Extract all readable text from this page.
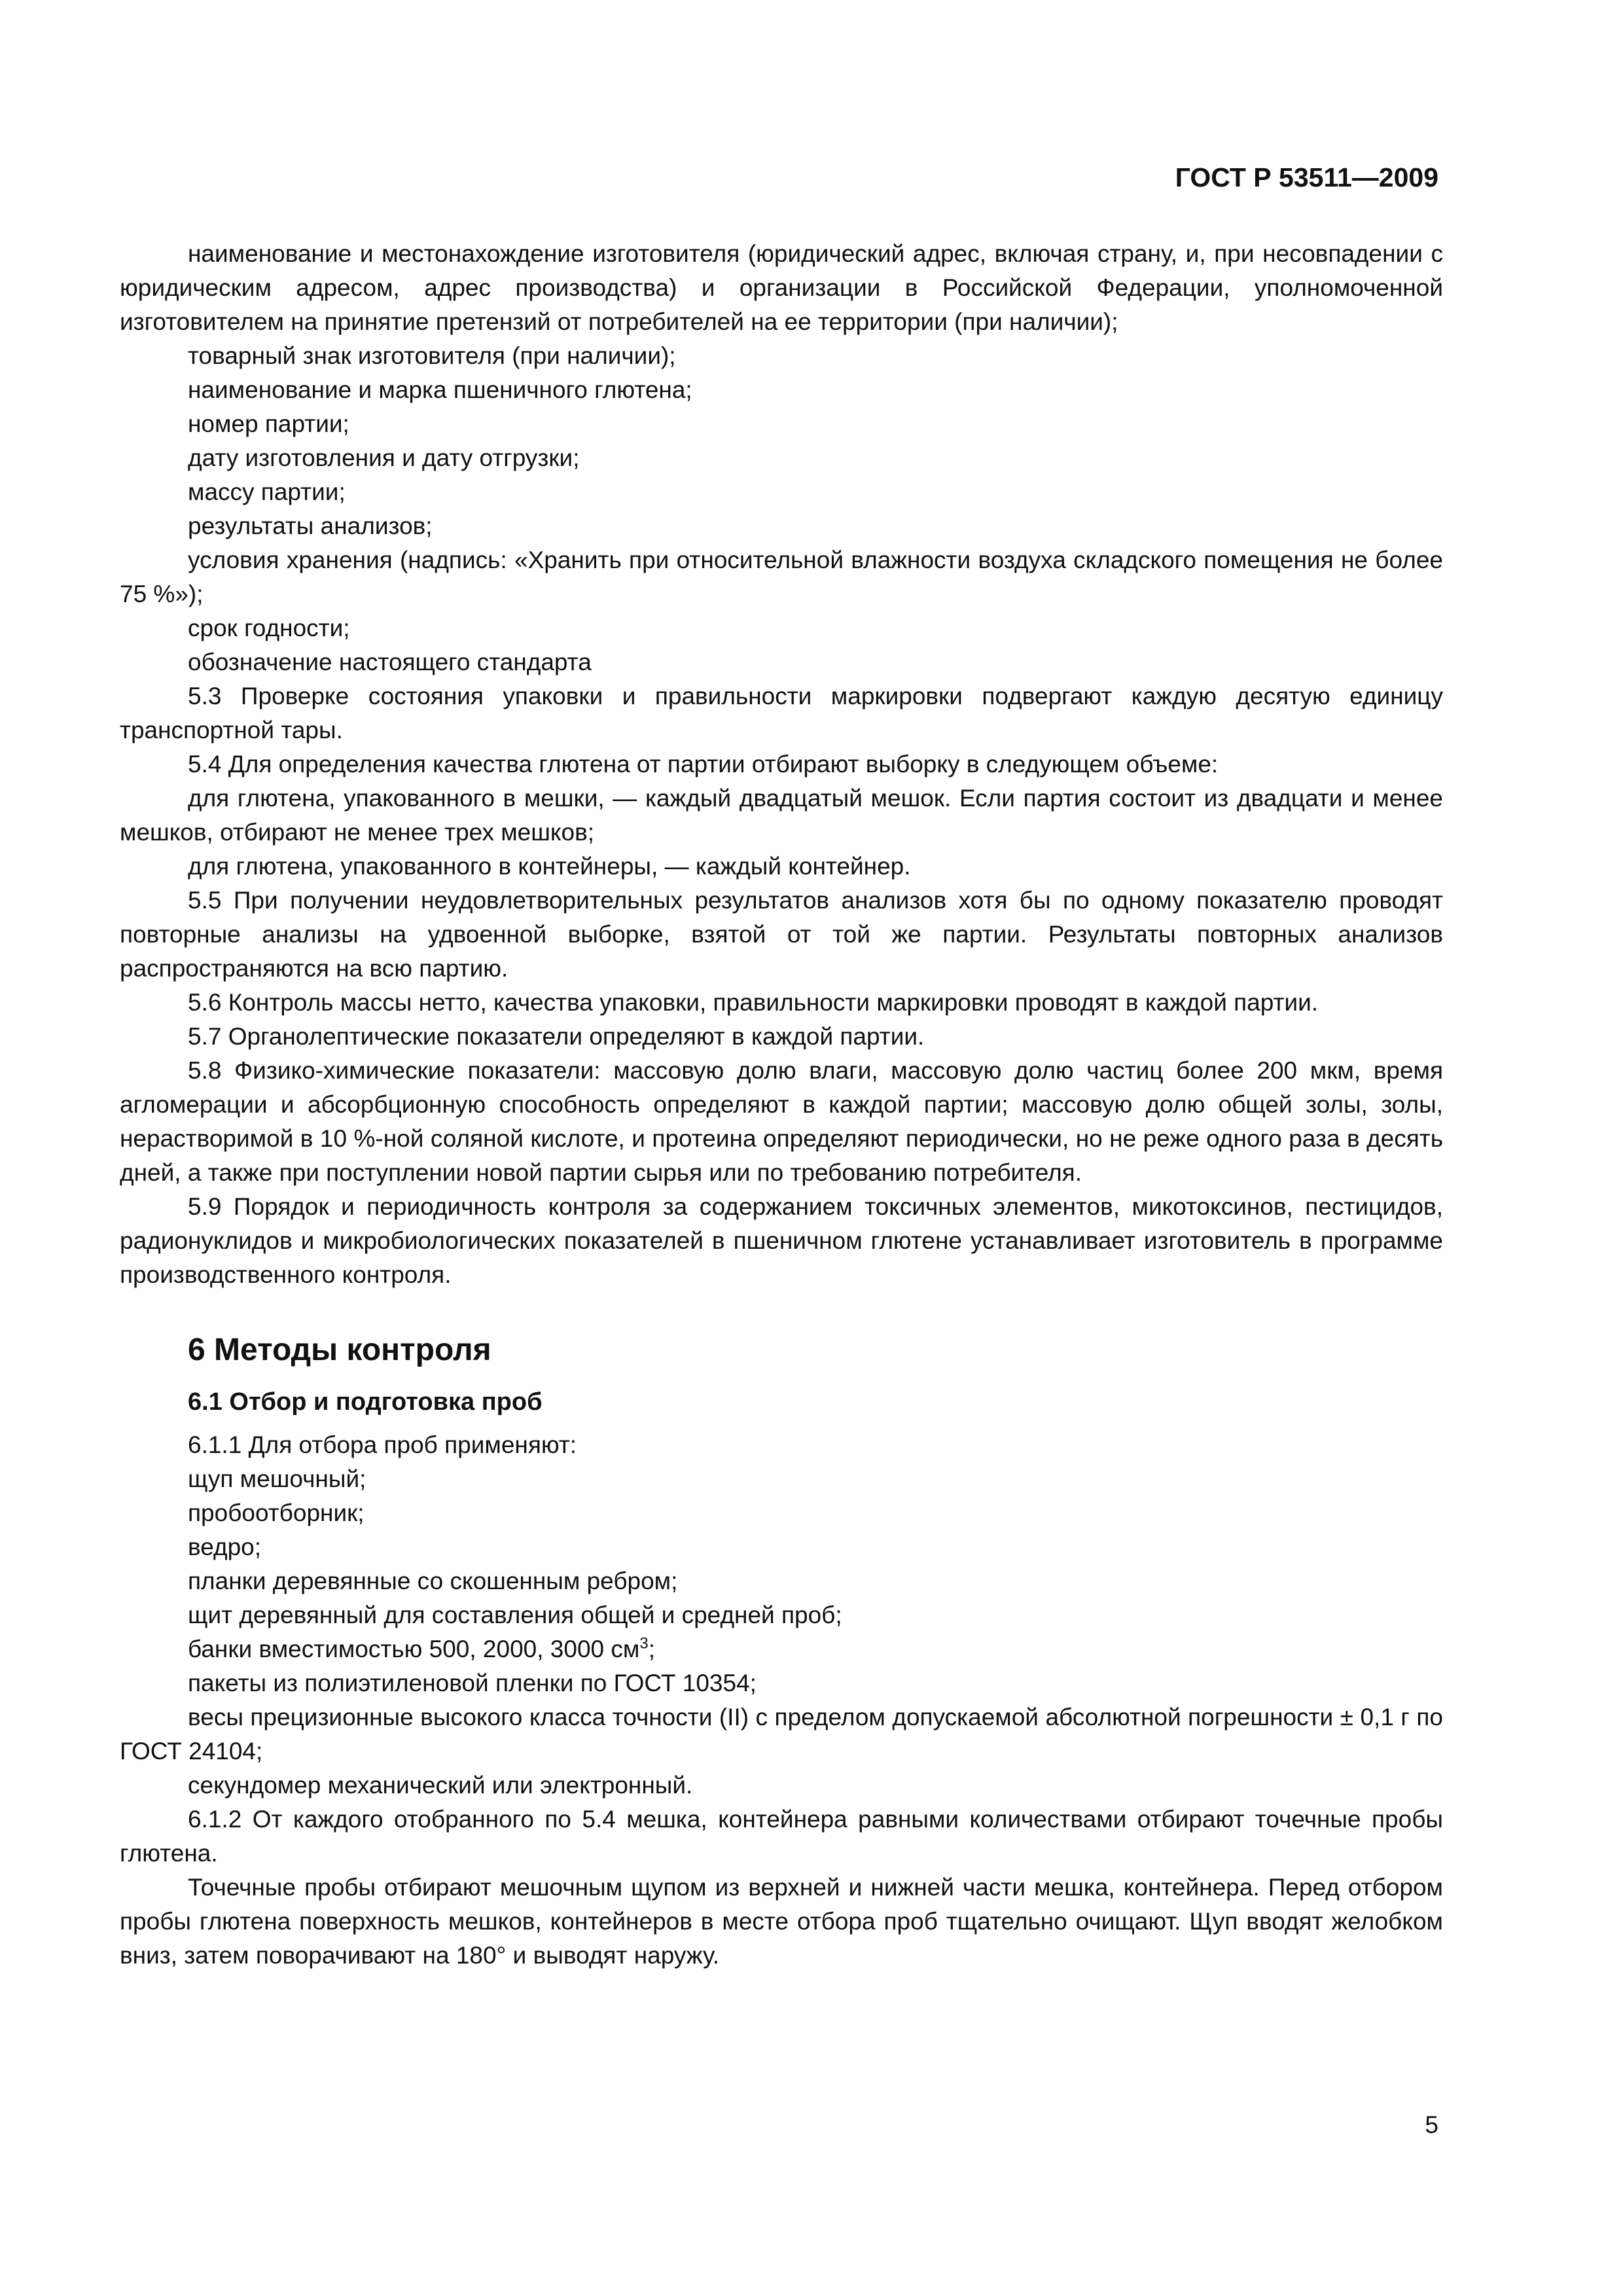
ГОСТ Р 53511—2009

наименование и местонахождение изготовителя (юридический адрес, включая страну, и, при несовпадении с юридическим адресом, адрес производства) и организации в Российской Федерации, уполномоченной изготовителем на принятие претензий от потребителей на ее территории (при наличии);

товарный знак изготовителя (при наличии);

наименование и марка пшеничного глютена;

номер партии;

дату изготовления и дату отгрузки;

массу партии;

результаты анализов;

условия хранения (надпись: «Хранить при относительной влажности воздуха складского помещения не более 75 %»);

срок годности;

обозначение настоящего стандарта

5.3 Проверке состояния упаковки и правильности маркировки подвергают каждую десятую единицу транспортной тары.

5.4 Для определения качества глютена от партии отбирают выборку в следующем объеме:

для глютена, упакованного в мешки, — каждый двадцатый мешок. Если партия состоит из двадцати и менее мешков, отбирают не менее трех мешков;

для глютена, упакованного в контейнеры, — каждый контейнер.

5.5 При получении неудовлетворительных результатов анализов хотя бы по одному показателю проводят повторные анализы на удвоенной выборке, взятой от той же партии. Результаты повторных анализов распространяются на всю партию.

5.6 Контроль массы нетто, качества упаковки, правильности маркировки проводят в каждой партии.

5.7 Органолептические показатели определяют в каждой партии.

5.8 Физико-химические показатели: массовую долю влаги, массовую долю частиц более 200 мкм, время агломерации и абсорбционную способность определяют в каждой партии; массовую долю общей золы, золы, нерастворимой в 10 %-ной соляной кислоте, и протеина определяют периодически, но не реже одного раза в десять дней, а также при поступлении новой партии сырья или по требованию потребителя.

5.9 Порядок и периодичность контроля за содержанием токсичных элементов, микотоксинов, пестицидов, радионуклидов и микробиологических показателей в пшеничном глютене устанавливает изготовитель в программе производственного контроля.

6 Методы контроля
6.1 Отбор и подготовка проб

6.1.1 Для отбора проб применяют:

щуп мешочный;

пробоотборник;

ведро;

планки деревянные со скошенным ребром;

щит деревянный для составления общей и средней проб;

банки вместимостью 500, 2000, 3000 $см^3$;

пакеты из полиэтиленовой пленки по ГОСТ 10354;

весы прецизионные высокого класса точности (II) с пределом допускаемой абсолютной погрешности ± 0,1 г по ГОСТ 24104;

секундомер механический или электронный.

6.1.2 От каждого отобранного по 5.4 мешка, контейнера равными количествами отбирают точечные пробы глютена.

Точечные пробы отбирают мешочным щупом из верхней и нижней части мешка, контейнера. Перед отбором пробы глютена поверхность мешков, контейнеров в месте отбора проб тщательно очищают. Щуп вводят желобком вниз, затем поворачивают на 180° и выводят наружу.

5
